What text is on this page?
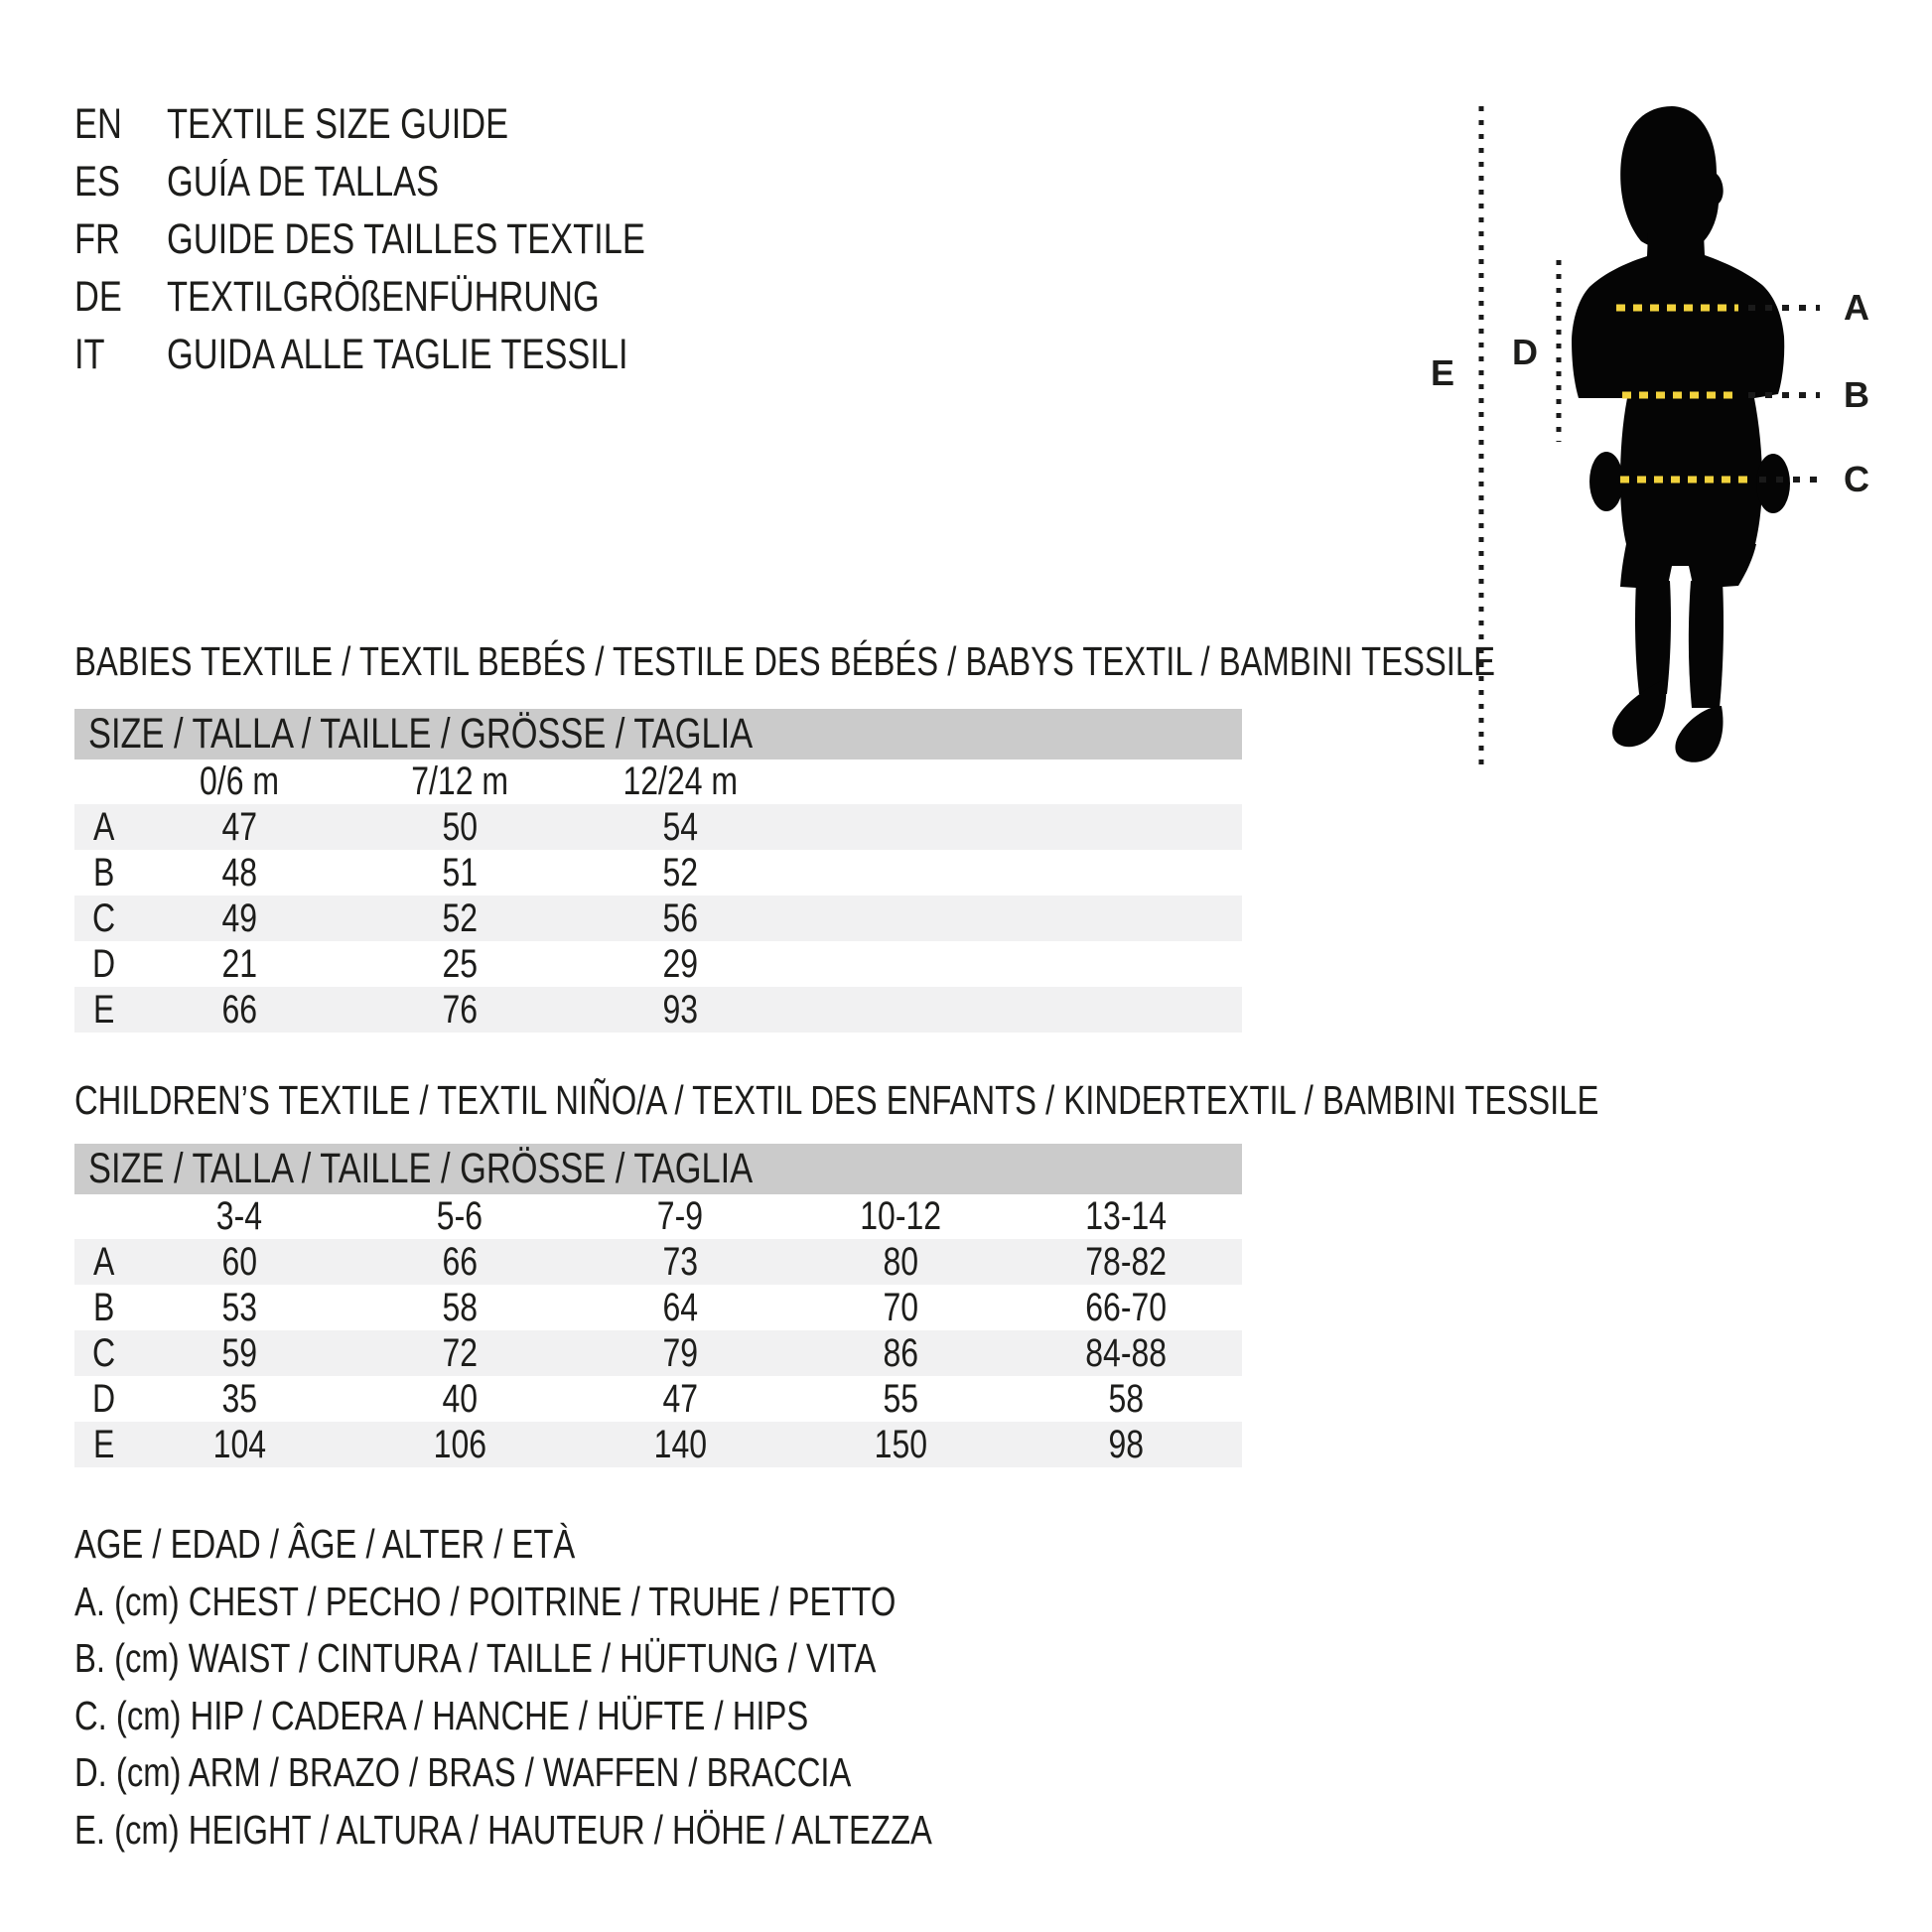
EN	TEXTILE SIZE GUIDE
ES	GUÍA DE TALLAS
FR	GUIDE DES TAILLES TEXTILE
DE	TEXTILGRÖßENFÜHRUNG
IT	GUIDA ALLE TAGLIE TESSILI
A
B
C
D
E
BABIES TEXTILE / TEXTIL BEBÉS / TESTILE DES BÉBÉS / BABYS TEXTIL / BAMBINI TESSILE
SIZE / TALLA / TAILLE / GRÖSSE / TAGLIA
	0/6 m	7/12 m	12/24 m		
A	47	50	54		
B	48	51	52		
C	49	52	56		
D	21	25	29		
E	66	76	93		
CHILDREN’S TEXTILE / TEXTIL NIÑO/A / TEXTIL DES ENFANTS / KINDERTEXTIL / BAMBINI TESSILE
SIZE / TALLA / TAILLE / GRÖSSE / TAGLIA
	3-4	5-6	7-9	10-12	13-14
A	60	66	73	80	78-82
B	53	58	64	70	66-70
C	59	72	79	86	84-88
D	35	40	47	55	58
E	104	106	140	150	98
AGE / EDAD / ÂGE / ALTER / ETÀ
A. (cm) CHEST / PECHO / POITRINE / TRUHE / PETTO
B. (cm) WAIST / CINTURA / TAILLE / HÜFTUNG / VITA
C. (cm) HIP / CADERA / HANCHE / HÜFTE / HIPS
D. (cm) ARM / BRAZO / BRAS / WAFFEN / BRACCIA
E. (cm) HEIGHT / ALTURA / HAUTEUR / HÖHE / ALTEZZA
